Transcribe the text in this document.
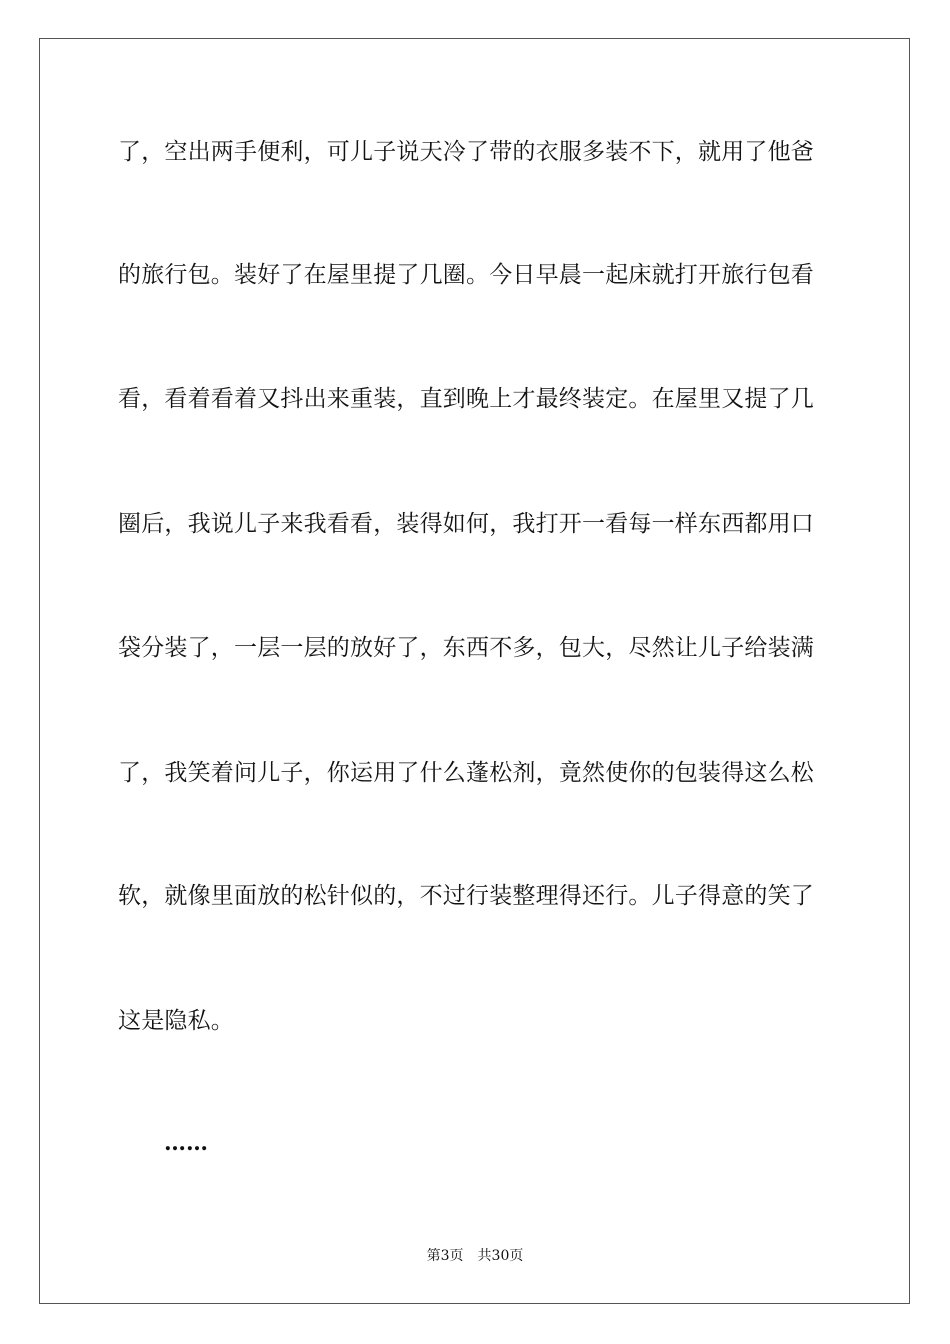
了，空出两手便利，可儿子说天冷了带的衣服多装不下，就用了他爸
的旅行包。装好了在屋里提了几圈。今日早晨一起床就打开旅行包看
看，看着看着又抖出来重装，直到晚上才最终装定。在屋里又提了几
圈后，我说儿子来我看看，装得如何，我打开一看每一样东西都用口
袋分装了，一层一层的放好了，东西不多，包大，尽然让儿子给装满
了，我笑着问儿子，你运用了什么蓬松剂，竟然使你的包装得这么松
软，就像里面放的松针似的，不过行装整理得还行。儿子得意的笑了
这是隐私。
……
第3页 共30页
